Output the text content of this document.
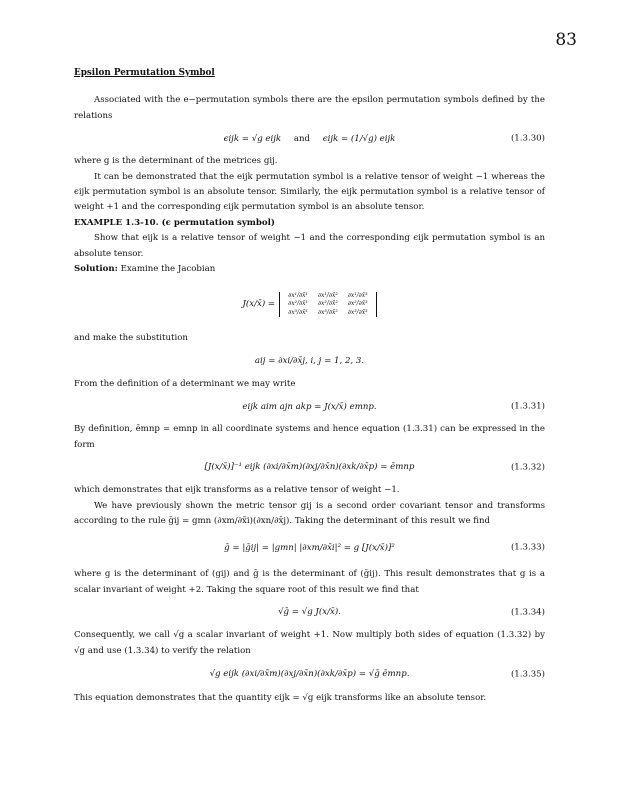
83
Epsilon Permutation Symbol
Associated with the e−permutation symbols there are the epsilon permutation symbols defined by the relations
ϵijk = √g eijk and ϵijk = (1/√g) eijk	(1.3.30)
where g is the determinant of the metrices gij.
It can be demonstrated that the eijk permutation symbol is a relative tensor of weight −1 whereas the ϵijk permutation symbol is an absolute tensor. Similarly, the eijk permutation symbol is a relative tensor of weight +1 and the corresponding ϵijk permutation symbol is an absolute tensor.
EXAMPLE 1.3-10. (ϵ permutation symbol)
Show that eijk is a relative tensor of weight −1 and the corresponding ϵijk permutation symbol is an absolute tensor.
Solution: Examine the Jacobian
J(x/x̄) =
∂x¹/∂x̄¹	∂x¹/∂x̄²	∂x¹/∂x̄³
∂x²/∂x̄¹	∂x²/∂x̄²	∂x²/∂x̄³
∂x³/∂x̄¹	∂x³/∂x̄²	∂x³/∂x̄³
and make the substitution
aij = ∂xi/∂x̄j, i, j = 1, 2, 3.
From the definition of a determinant we may write
eijk aim ajn akp = J(x/x̄) emnp.	(1.3.31)
By definition, ēmnp = emnp in all coordinate systems and hence equation (1.3.31) can be expressed in the form
[J(x/x̄)]⁻¹ eijk (∂xi/∂x̄m)(∂xj/∂x̄n)(∂xk/∂x̄p) = ēmnp	(1.3.32)
which demonstrates that eijk transforms as a relative tensor of weight −1.
We have previously shown the metric tensor gij is a second order covariant tensor and transforms according to the rule ḡij = gmn (∂xm/∂x̄i)(∂xn/∂x̄j). Taking the determinant of this result we find
ḡ = |ḡij| = |gmn| |∂xm/∂x̄i|² = g [J(x/x̄)]²	(1.3.33)
where g is the determinant of (gij) and ḡ is the determinant of (ḡij). This result demonstrates that g is a scalar invariant of weight +2. Taking the square root of this result we find that
√ḡ = √g J(x/x̄).	(1.3.34)
Consequently, we call √g a scalar invariant of weight +1. Now multiply both sides of equation (1.3.32) by √g and use (1.3.34) to verify the relation
√g eijk (∂xi/∂x̄m)(∂xj/∂x̄n)(∂xk/∂x̄p) = √ḡ ēmnp.	(1.3.35)
This equation demonstrates that the quantity ϵijk = √g eijk transforms like an absolute tensor.
